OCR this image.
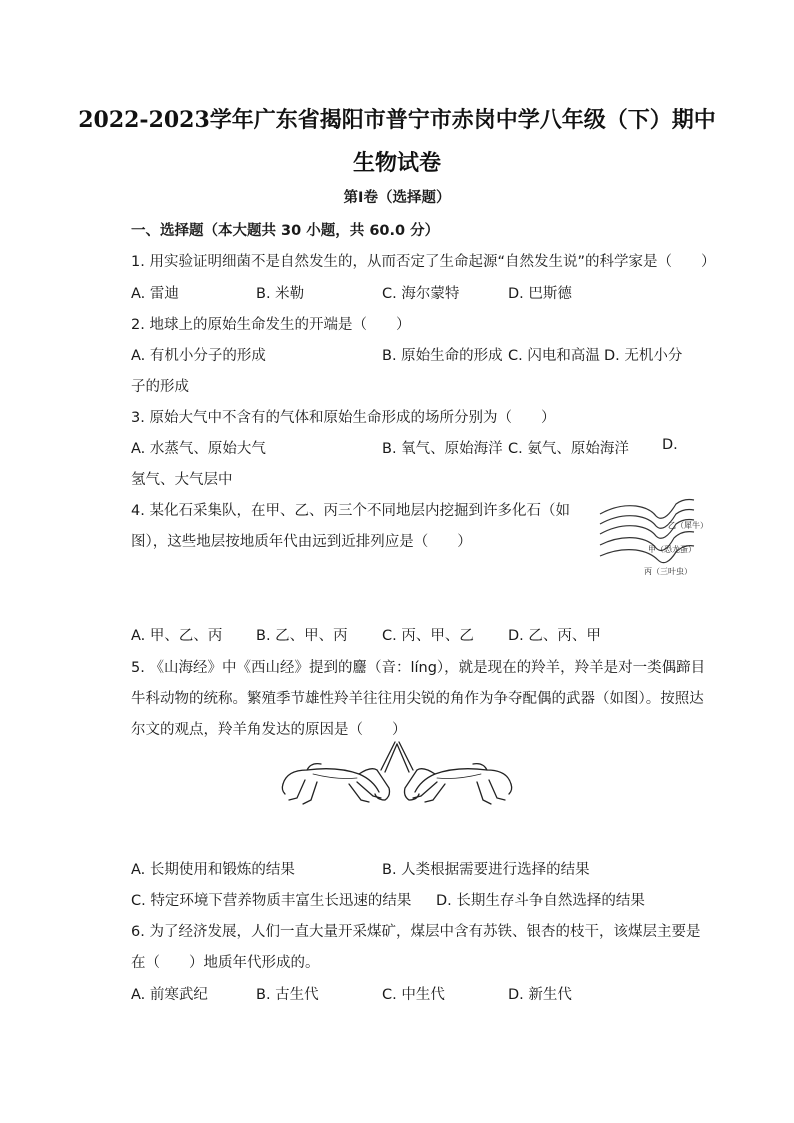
2022-2023学年广东省揭阳市普宁市赤岗中学八年级（下）期中
生物试卷
第Ⅰ卷（选择题）
一、选择题（本大题共 30 小题，共 60.0 分）
1. 用实验证明细菌不是自然发生的，从而否定了生命起源“自然发生说”的科学家是（　　）
A. 雷迪	B. 米勒	C. 海尔蒙特	D. 巴斯德
2. 地球上的原始生命发生的开端是（　　）
A. 有机小分子的形成	B. 原始生命的形成 C. 闪电和高温 D. 无机小分
子的形成
3. 原始大气中不含有的气体和原始生命形成的场所分别为（　　）
A. 水蒸气、原始大气	B. 氧气、原始海洋 C. 氨气、原始海洋 D.
氢气、大气层中
4. 某化石采集队，在甲、乙、丙三个不同地层内挖掘到许多化石（如
图），这些地层按地质年代由远到近排列应是（　　）
乙（犀牛）
甲（恐龙蛋）
丙（三叶虫）
A. 甲、乙、丙 B. 乙、甲、丙 C. 丙、甲、乙 D. 乙、丙、甲
5. 《山海经》中《西山经》提到的麢（音：líng），就是现在的羚羊，羚羊是对一类偶蹄目
牛科动物的统称。繁殖季节雄性羚羊往往用尖锐的角作为争夺配偶的武器（如图）。按照达
尔文的观点，羚羊角发达的原因是（　　）
A. 长期使用和锻炼的结果	B. 人类根据需要进行选择的结果
C. 特定环境下营养物质丰富生长迅速的结果 D. 长期生存斗争自然选择的结果
6. 为了经济发展，人们一直大量开采煤矿，煤层中含有苏铁、银杏的枝干，该煤层主要是
在（　　）地质年代形成的。
A. 前寒武纪	B. 古生代	C. 中生代	D. 新生代
